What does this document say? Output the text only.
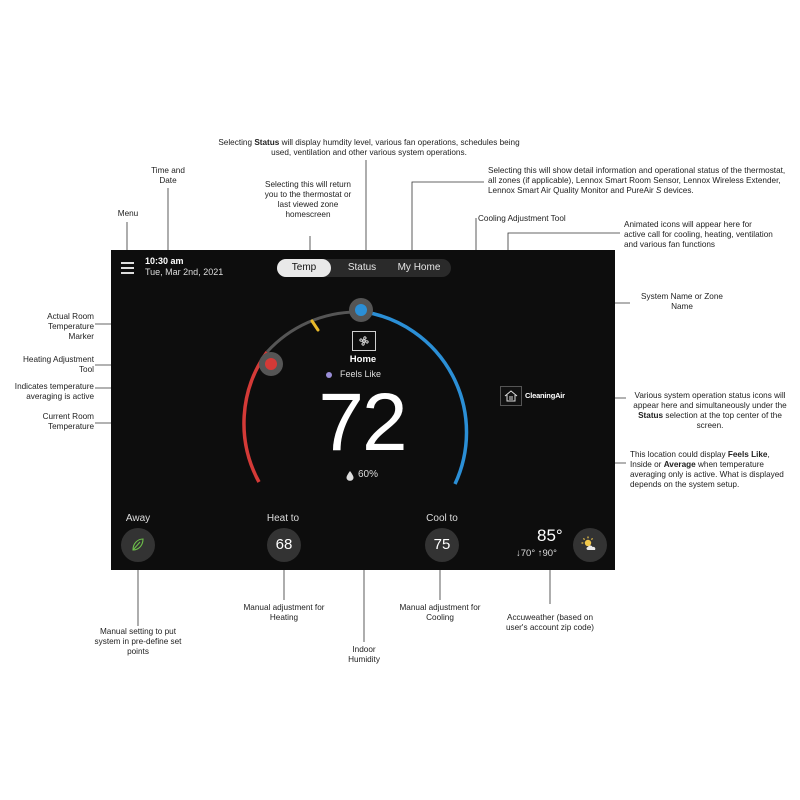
Selecting Status will display humdity level, various fan operations, schedules being used, ventilation and other various system operations.
Time and Date	Selecting this will return you to the thermostat or last viewed zone homescreen
Selecting this will show detail information and operational status of the thermostat, all zones (if applicable), Lennox Smart Room Sensor, Lennox Wireless Extender, Lennox Smart Air Quality Monitor and PureAir S devices.
Menu
Cooling Adjustment Tool
Animated icons will appear here for active call for cooling, heating, ventilation and various fan functions
Actual Room Temperature Marker
System Name or Zone Name
Heating Adjustment Tool
Indicates temperature averaging is active	Various system operation status icons will appear here and simultaneously under the Status selection at the top center of the screen.
Current Room Temperature
This location could display Feels Like, Inside or Average when temperature averaging only is active. What is displayed depends on the system setup.
Manual setting to put system in pre-define set points
Manual adjustment for Heating
Indoor Humidity
Manual adjustment for Cooling	Accuweather (based on user's account zip code)
10:30 am
Tue, Mar 2nd, 2021	Temp	Status	My Home
Home
Feels Like
72
60%
CleaningAir
Away	Heat to
68
Cool to
75	85°
↓70° ↑90°
